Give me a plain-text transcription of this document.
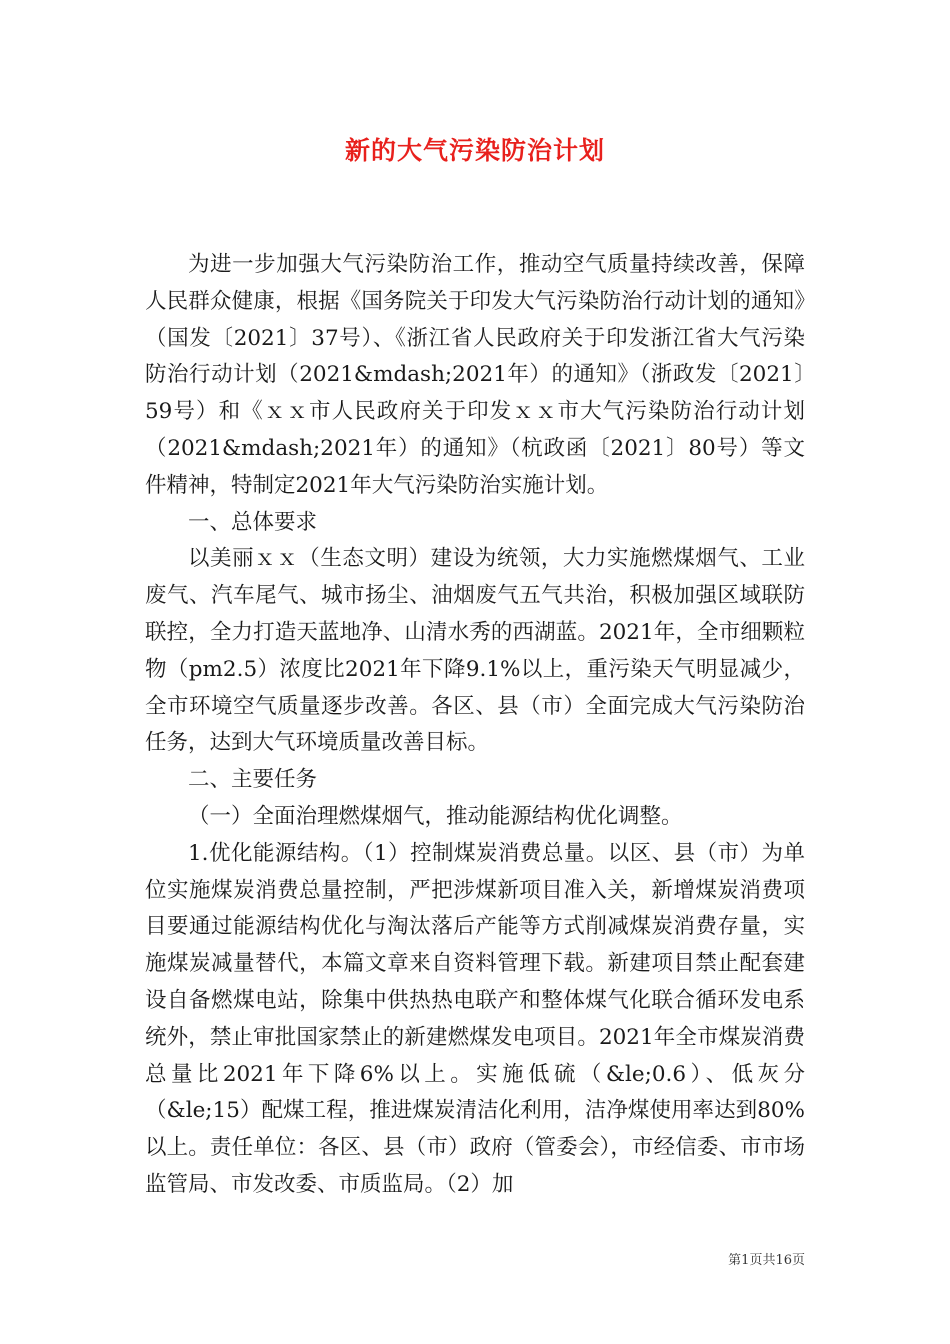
新的大气污染防治计划

为进一步加强大气污染防治工作，推动空气质量持续改善，保障人民群众健康，根据《国务院关于印发大气污染防治行动计划的通知》（国发〔2021〕37号）、《浙江省人民政府关于印发浙江省大气污染防治行动计划（2021&mdash;2021年）的通知》（浙政发〔2021〕59号）和《ｘｘ市人民政府关于印发ｘｘ市大气污染防治行动计划（2021&mdash;2021年）的通知》（杭政函〔2021〕80号）等文件精神，特制定2021年大气污染防治实施计划。

一、总体要求

以美丽ｘｘ（生态文明）建设为统领，大力实施燃煤烟气、工业废气、汽车尾气、城市扬尘、油烟废气五气共治，积极加强区域联防联控，全力打造天蓝地净、山清水秀的西湖蓝。2021年，全市细颗粒物（pm2.5）浓度比2021年下降9.1%以上，重污染天气明显减少，全市环境空气质量逐步改善。各区、县（市）全面完成大气污染防治任务，达到大气环境质量改善目标。

二、主要任务

（一）全面治理燃煤烟气，推动能源结构优化调整。

1.优化能源结构。（1）控制煤炭消费总量。以区、县（市）为单位实施煤炭消费总量控制，严把涉煤新项目准入关，新增煤炭消费项目要通过能源结构优化与淘汰落后产能等方式削减煤炭消费存量，实施煤炭减量替代，本篇文章来自资料管理下载。新建项目禁止配套建设自备燃煤电站，除集中供热热电联产和整体煤气化联合循环发电系统外，禁止审批国家禁止的新建燃煤发电项目。2021年全市煤炭消费总量比2021年下降6%以上。实施低硫（&le;0.6）、低灰分（&le;15）配煤工程，推进煤炭清洁化利用，洁净煤使用率达到80%以上。责任单位：各区、县（市）政府（管委会），市经信委、市市场监管局、市发改委、市质监局。（2）加

第1页共16页
